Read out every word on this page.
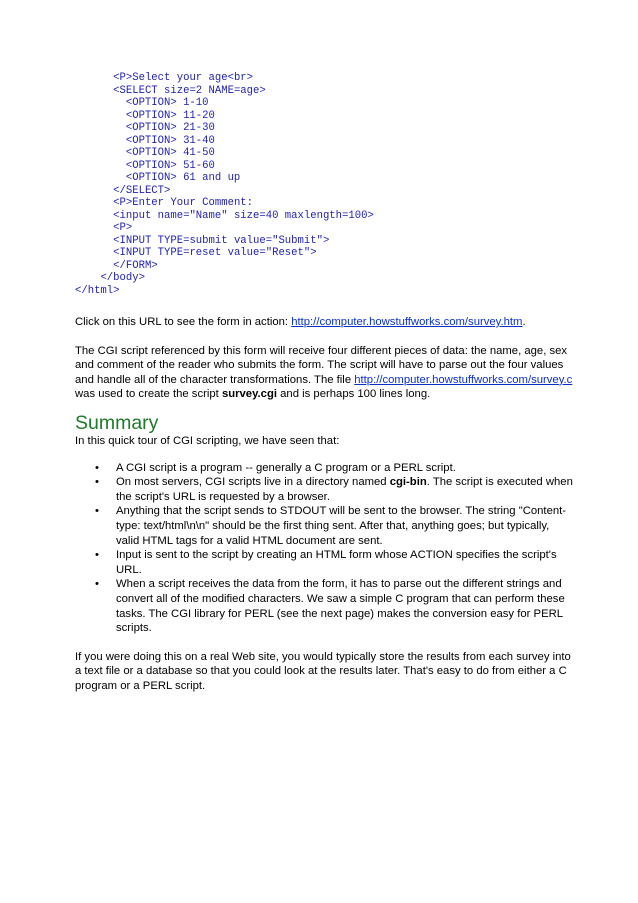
<P>Select your age<br>
<SELECT size=2 NAME=age>
<OPTION> 1-10
<OPTION> 11-20
<OPTION> 21-30
<OPTION> 31-40
<OPTION> 41-50
<OPTION> 51-60
<OPTION> 61 and up
</SELECT>
<P>Enter Your Comment:
<input name="Name" size=40 maxlength=100>
<P>
<INPUT TYPE=submit value="Submit">
<INPUT TYPE=reset value="Reset">
</FORM>
</body>
</html>

Click on this URL to see the form in action: http://computer.howstuffworks.com/survey.htm.

The CGI script referenced by this form will receive four different pieces of data: the name, age, sex and comment of the reader who submits the form. The script will have to parse out the four values and handle all of the character transformations. The file http://computer.howstuffworks.com/survey.c was used to create the script survey.cgi and is perhaps 100 lines long.

Summary

In this quick tour of CGI scripting, we have seen that:

• A CGI script is a program -- generally a C program or a PERL script.
• On most servers, CGI scripts live in a directory named cgi-bin. The script is executed when the script's URL is requested by a browser.
• Anything that the script sends to STDOUT will be sent to the browser. The string "Content-type: text/html\n\n" should be the first thing sent. After that, anything goes; but typically, valid HTML tags for a valid HTML document are sent.
• Input is sent to the script by creating an HTML form whose ACTION specifies the script's URL.
• When a script receives the data from the form, it has to parse out the different strings and convert all of the modified characters. We saw a simple C program that can perform these tasks. The CGI library for PERL (see the next page) makes the conversion easy for PERL scripts.

If you were doing this on a real Web site, you would typically store the results from each survey into a text file or a database so that you could look at the results later. That's easy to do from either a C program or a PERL script.
